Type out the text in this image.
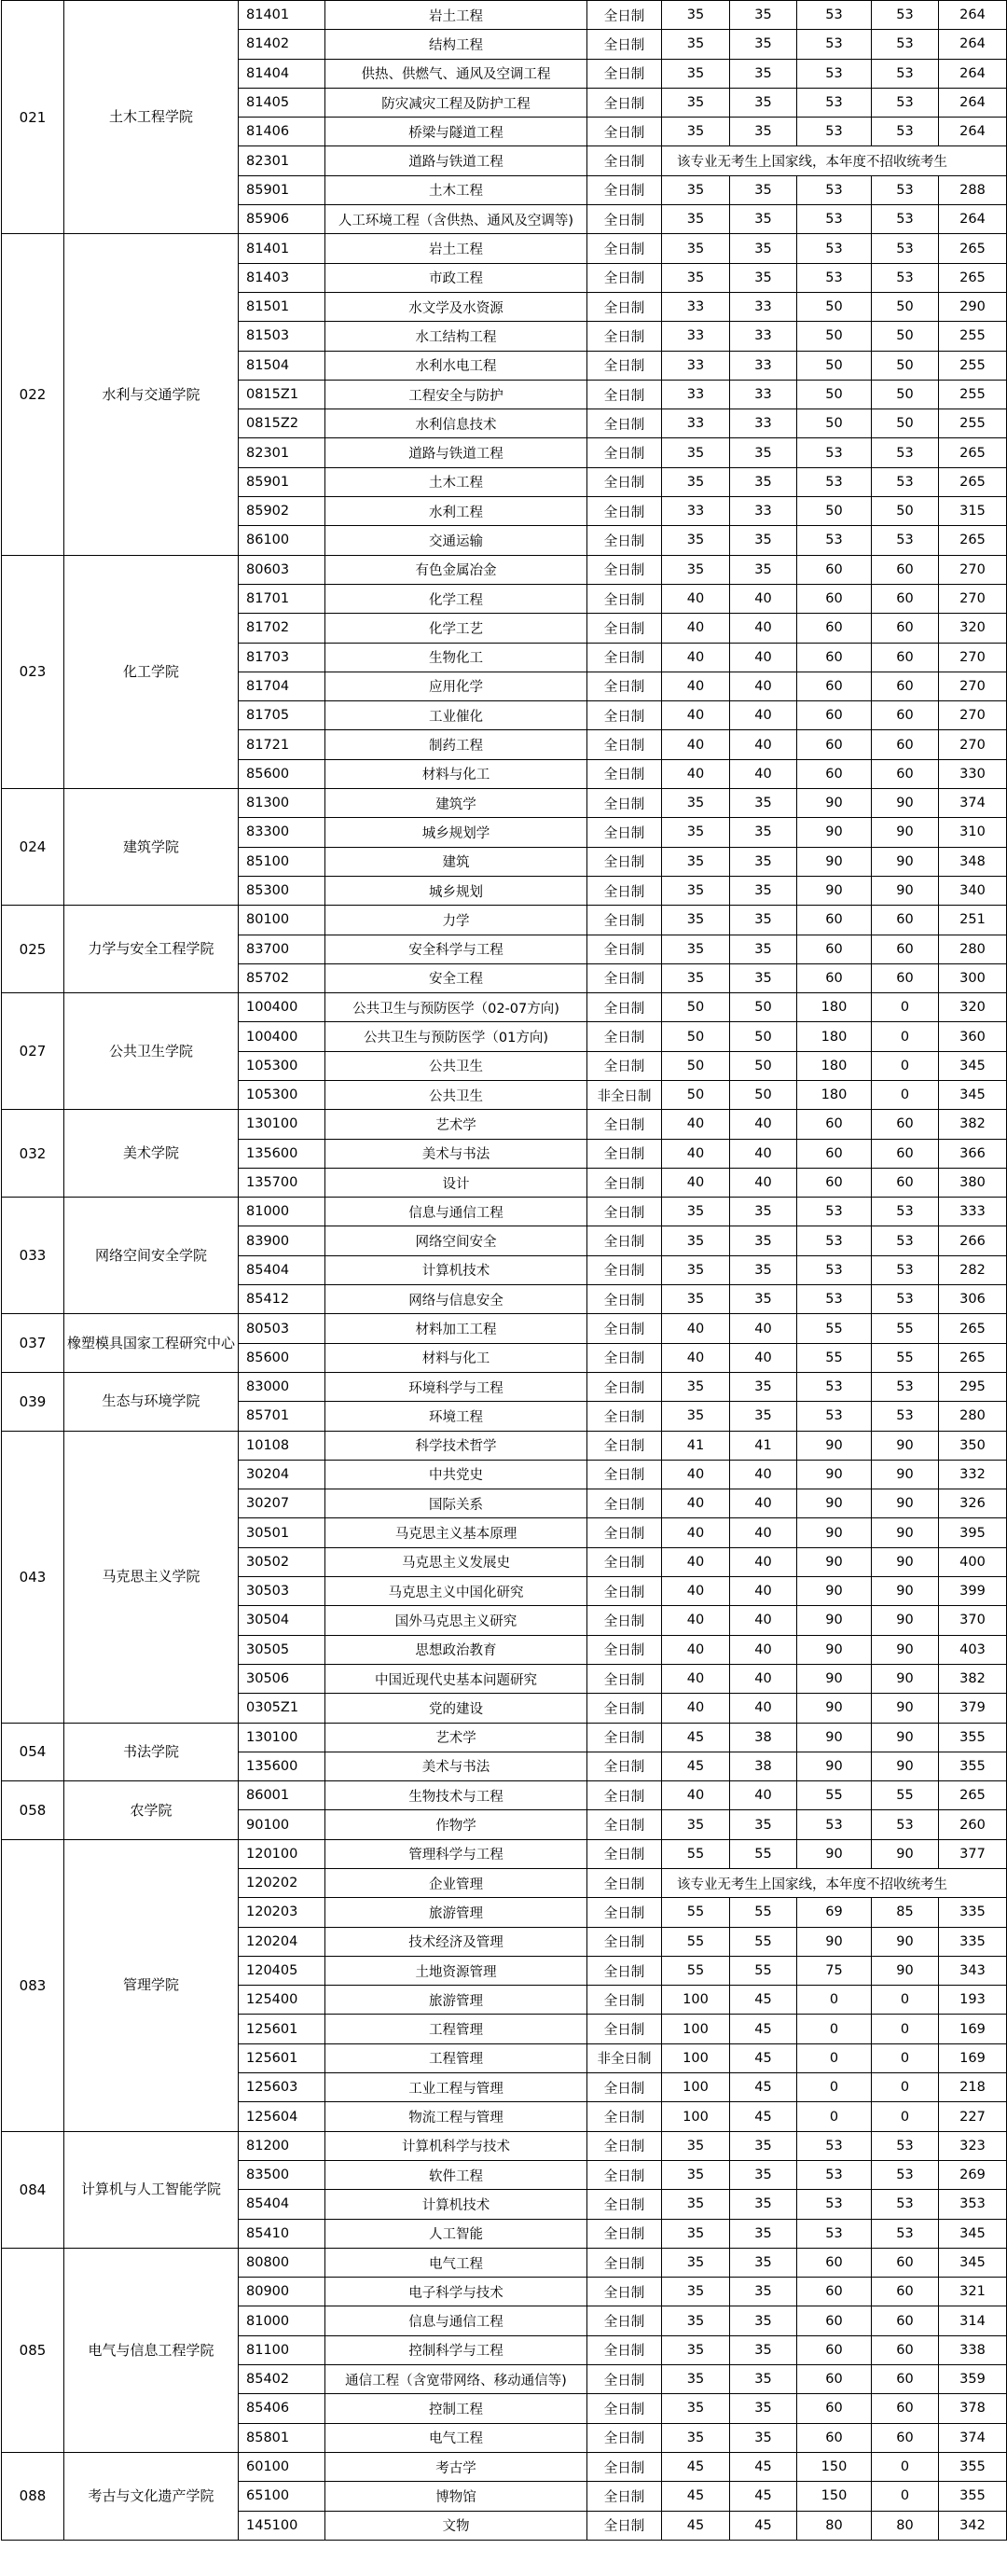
021	土木工程学院	81401	岩土工程	全日制	35	35	53	53	264
		81402	结构工程	全日制	35	35	53	53	264
		81404	供热、供燃气、通风及空调工程	全日制	35	35	53	53	264
		81405	防灾减灾工程及防护工程	全日制	35	35	53	53	264
		81406	桥梁与隧道工程	全日制	35	35	53	53	264
		82301	道路与铁道工程	全日制	该专业无考生上国家线，本年度不招收统考生				
		85901	土木工程	全日制	35	35	53	53	288
		85906	人工环境工程（含供热、通风及空调等)	全日制	35	35	53	53	264
022	水利与交通学院	81401	岩土工程	全日制	35	35	53	53	265
		81403	市政工程	全日制	35	35	53	53	265
		81501	水文学及水资源	全日制	33	33	50	50	290
		81503	水工结构工程	全日制	33	33	50	50	255
		81504	水利水电工程	全日制	33	33	50	50	255
		0815Z1	工程安全与防护	全日制	33	33	50	50	255
		0815Z2	水利信息技术	全日制	33	33	50	50	255
		82301	道路与铁道工程	全日制	35	35	53	53	265
		85901	土木工程	全日制	35	35	53	53	265
		85902	水利工程	全日制	33	33	50	50	315
		86100	交通运输	全日制	35	35	53	53	265
023	化工学院	80603	有色金属冶金	全日制	35	35	60	60	270
		81701	化学工程	全日制	40	40	60	60	270
		81702	化学工艺	全日制	40	40	60	60	320
		81703	生物化工	全日制	40	40	60	60	270
		81704	应用化学	全日制	40	40	60	60	270
		81705	工业催化	全日制	40	40	60	60	270
		81721	制药工程	全日制	40	40	60	60	270
		85600	材料与化工	全日制	40	40	60	60	330
024	建筑学院	81300	建筑学	全日制	35	35	90	90	374
		83300	城乡规划学	全日制	35	35	90	90	310
		85100	建筑	全日制	35	35	90	90	348
		85300	城乡规划	全日制	35	35	90	90	340
025	力学与安全工程学院	80100	力学	全日制	35	35	60	60	251
		83700	安全科学与工程	全日制	35	35	60	60	280
		85702	安全工程	全日制	35	35	60	60	300
027	公共卫生学院	100400	公共卫生与预防医学（02-07方向)	全日制	50	50	180	0	320
		100400	公共卫生与预防医学（01方向)	全日制	50	50	180	0	360
		105300	公共卫生	全日制	50	50	180	0	345
		105300	公共卫生	非全日制	50	50	180	0	345
032	美术学院	130100	艺术学	全日制	40	40	60	60	382
		135600	美术与书法	全日制	40	40	60	60	366
		135700	设计	全日制	40	40	60	60	380
033	网络空间安全学院	81000	信息与通信工程	全日制	35	35	53	53	333
		83900	网络空间安全	全日制	35	35	53	53	266
		85404	计算机技术	全日制	35	35	53	53	282
		85412	网络与信息安全	全日制	35	35	53	53	306
037	橡塑模具国家工程研究中心	80503	材料加工工程	全日制	40	40	55	55	265
		85600	材料与化工	全日制	40	40	55	55	265
039	生态与环境学院	83000	环境科学与工程	全日制	35	35	53	53	295
		85701	环境工程	全日制	35	35	53	53	280
043	马克思主义学院	10108	科学技术哲学	全日制	41	41	90	90	350
		30204	中共党史	全日制	40	40	90	90	332
		30207	国际关系	全日制	40	40	90	90	326
		30501	马克思主义基本原理	全日制	40	40	90	90	395
		30502	马克思主义发展史	全日制	40	40	90	90	400
		30503	马克思主义中国化研究	全日制	40	40	90	90	399
		30504	国外马克思主义研究	全日制	40	40	90	90	370
		30505	思想政治教育	全日制	40	40	90	90	403
		30506	中国近现代史基本问题研究	全日制	40	40	90	90	382
		0305Z1	党的建设	全日制	40	40	90	90	379
054	书法学院	130100	艺术学	全日制	45	38	90	90	355
		135600	美术与书法	全日制	45	38	90	90	355
058	农学院	86001	生物技术与工程	全日制	40	40	55	55	265
		90100	作物学	全日制	35	35	53	53	260
083	管理学院	120100	管理科学与工程	全日制	55	55	90	90	377
		120202	企业管理	全日制	该专业无考生上国家线，本年度不招收统考生				
		120203	旅游管理	全日制	55	55	69	85	335
		120204	技术经济及管理	全日制	55	55	90	90	335
		120405	土地资源管理	全日制	55	55	75	90	343
		125400	旅游管理	全日制	100	45	0	0	193
		125601	工程管理	全日制	100	45	0	0	169
		125601	工程管理	非全日制	100	45	0	0	169
		125603	工业工程与管理	全日制	100	45	0	0	218
		125604	物流工程与管理	全日制	100	45	0	0	227
084	计算机与人工智能学院	81200	计算机科学与技术	全日制	35	35	53	53	323
		83500	软件工程	全日制	35	35	53	53	269
		85404	计算机技术	全日制	35	35	53	53	353
		85410	人工智能	全日制	35	35	53	53	345
085	电气与信息工程学院	80800	电气工程	全日制	35	35	60	60	345
		80900	电子科学与技术	全日制	35	35	60	60	321
		81000	信息与通信工程	全日制	35	35	60	60	314
		81100	控制科学与工程	全日制	35	35	60	60	338
		85402	通信工程（含宽带网络、移动通信等)	全日制	35	35	60	60	359
		85406	控制工程	全日制	35	35	60	60	378
		85801	电气工程	全日制	35	35	60	60	374
088	考古与文化遗产学院	60100	考古学	全日制	45	45	150	0	355
		65100	博物馆	全日制	45	45	150	0	355
		145100	文物	全日制	45	45	80	80	342
